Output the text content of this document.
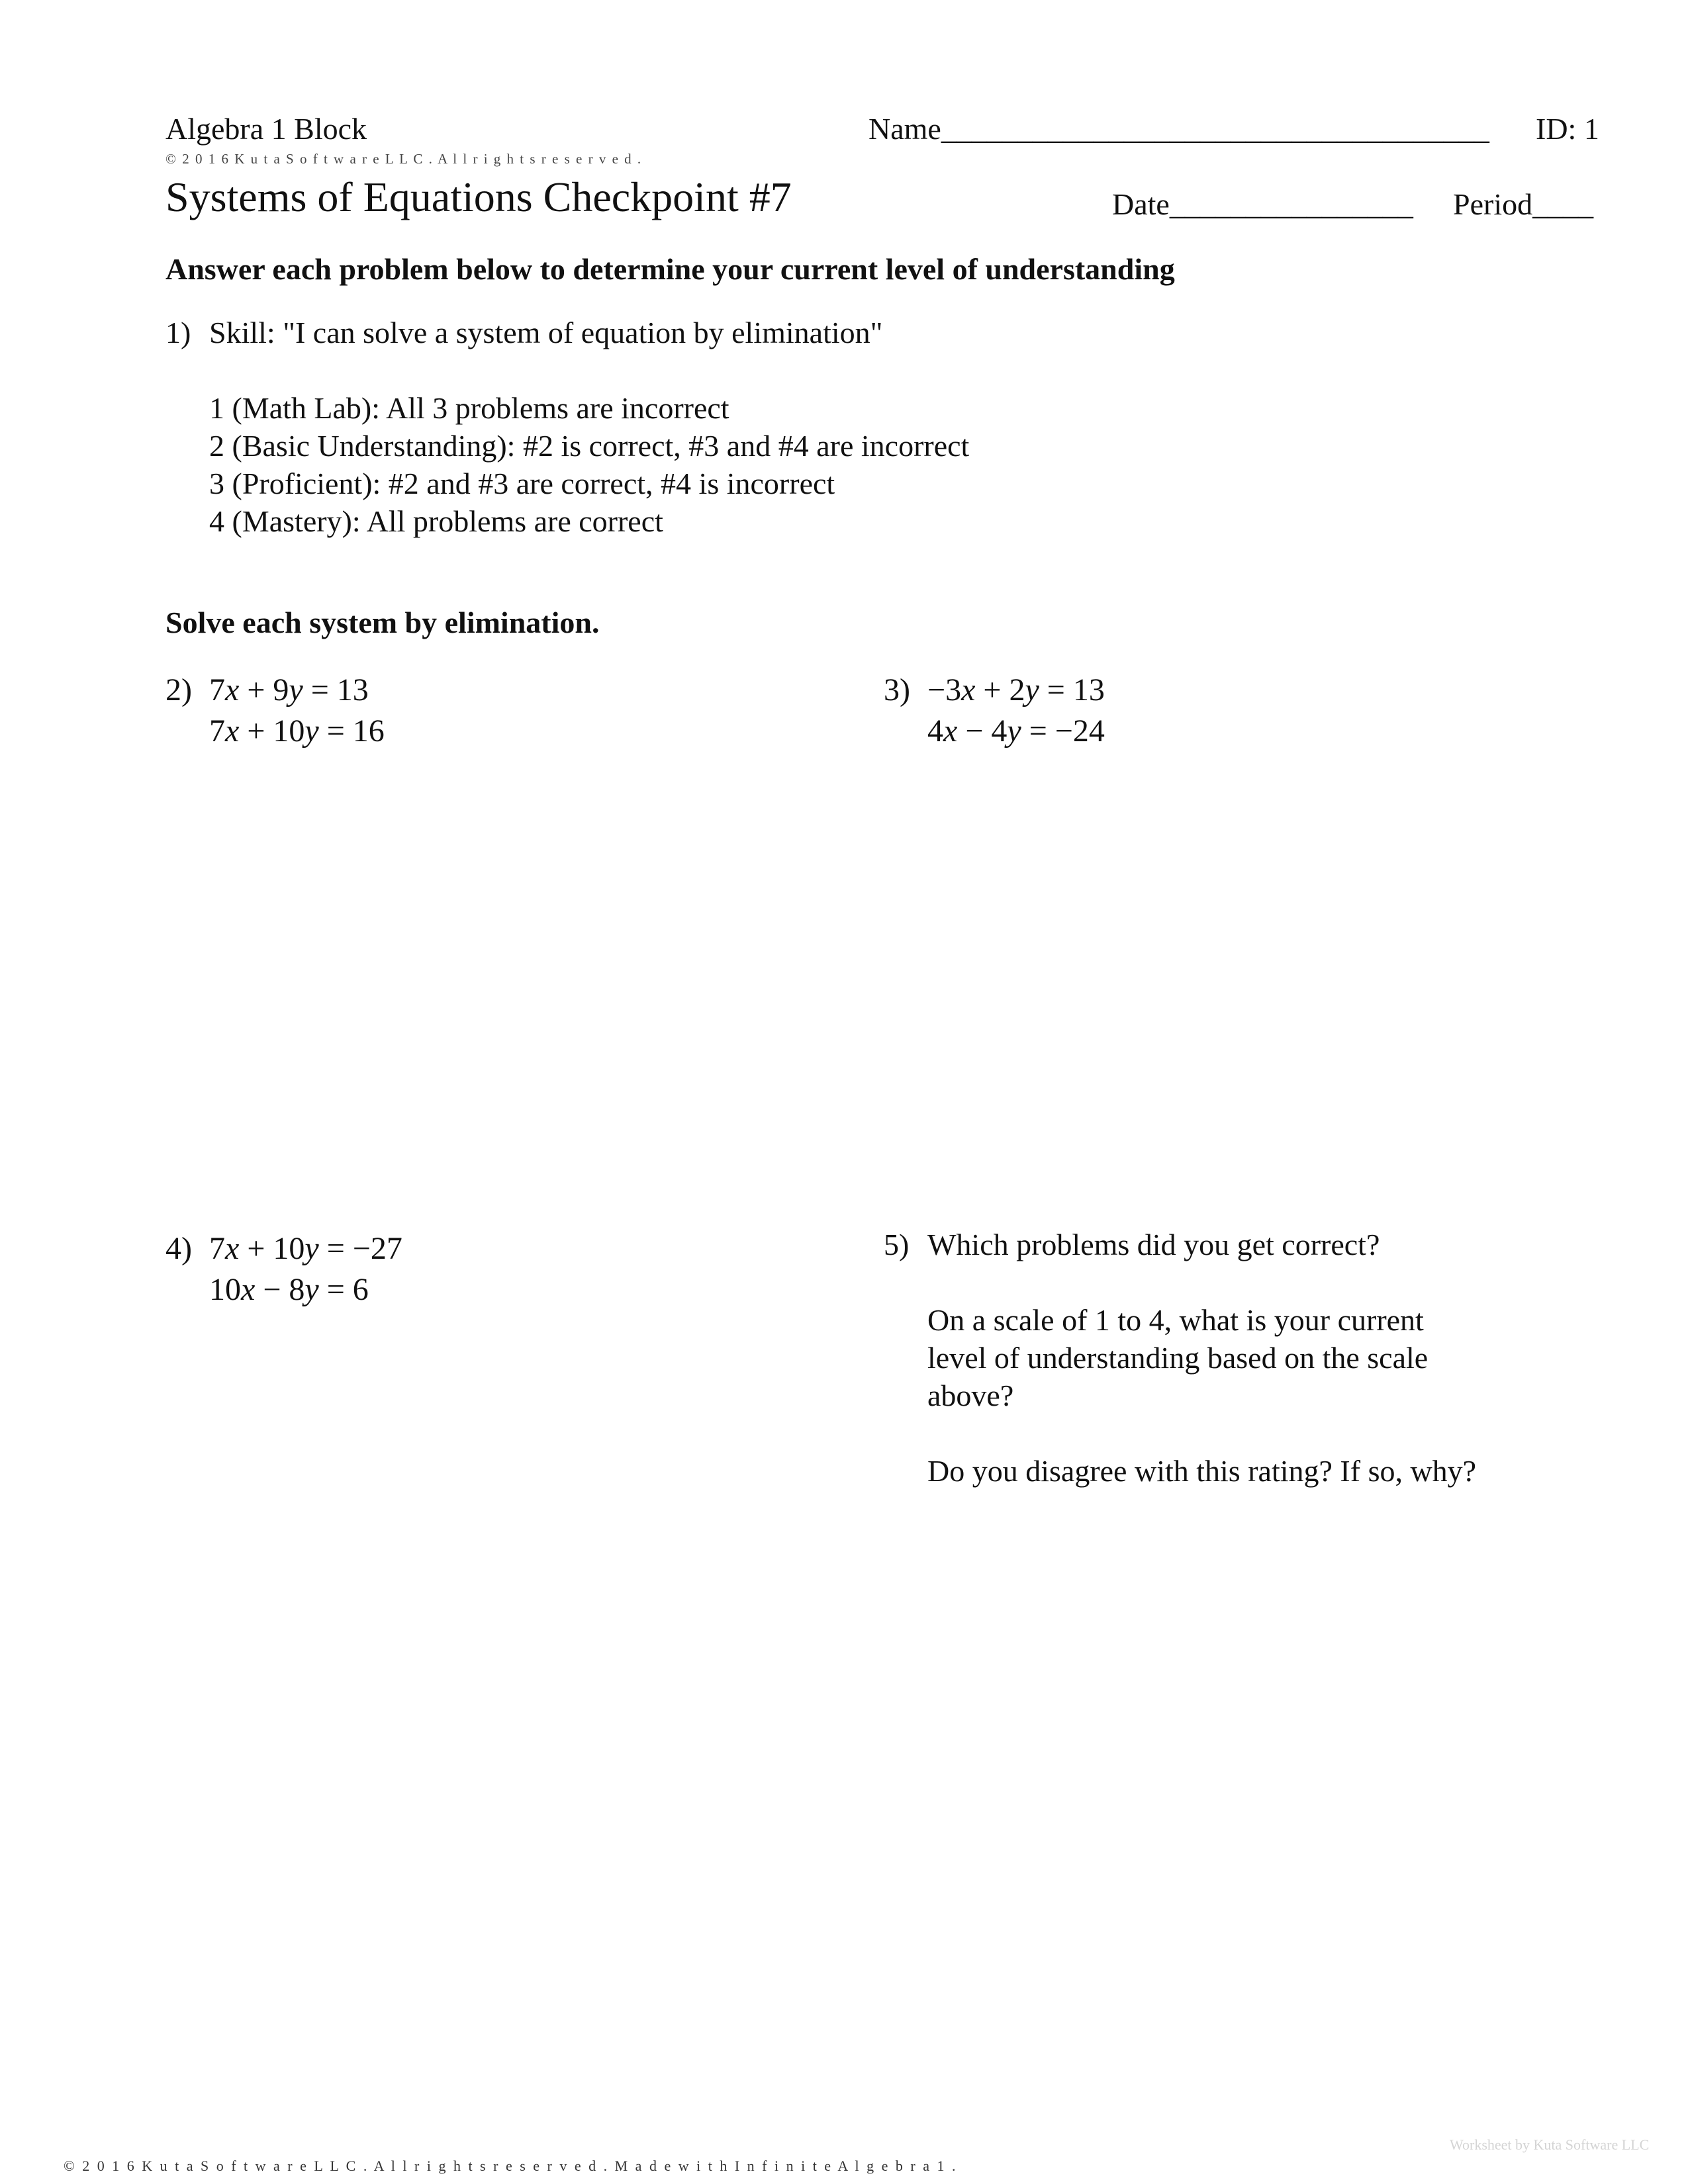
Algebra 1 Block	Name____________________________________ ID: 1
© 2 0 1 6 K u t a S o f t w a r e L L C . A l l r i g h t s r e s e r v e d .
Systems of Equations Checkpoint #7	Date________________ Period____
Answer each problem below to determine your current level of understanding
1) Skill: "I can solve a system of equation by elimination"
1 (Math Lab): All 3 problems are incorrect
2 (Basic Understanding): #2 is correct, #3 and #4 are incorrect
3 (Proficient): #2 and #3 are correct, #4 is incorrect
4 (Mastery): All problems are correct
Solve each system by elimination.
2) 7x + 9y = 13
7x + 10y = 16
3) −3x + 2y = 13
4x − 4y = −24
4) 7x + 10y = −27
10x − 8y = 6
5) Which problems did you get correct?

On a scale of 1 to 4, what is your current level of understanding based on the scale above?

Do you disagree with this rating? If so, why?

Worksheet by Kuta Software LLC
© 2 0 1 6 K u t a S o f t w a r e L L C . A l l r i g h t s r e s e r v e d . M a d e w i t h I n f i n i t e A l g e b r a 1 .
